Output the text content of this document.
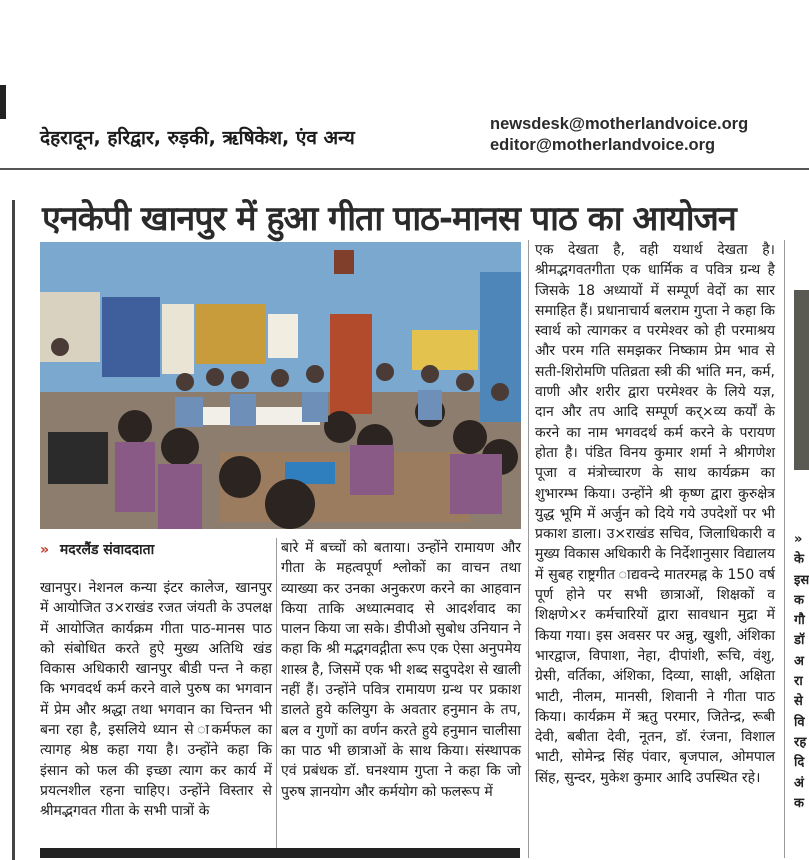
देहरादून, हरिद्वार, रुड़की, ऋषिकेश, एंव अन्य
newsdesk@motherlandvoice.org
editor@motherlandvoice.org
एनकेपी खानपुर में हुआ गीता पाठ-मानस पाठ का आयोजन
» मदरलैंड संवाददाता

खानपुर। नेशनल कन्या इंटर कालेज, खानपुर में आयोजित उ×राखंड रजत जंयती के उपलक्ष में आयोजित कार्यक्रम गीता पाठ-मानस पाठ को संबोधित करते हुऐ मुख्य अतिथि खंड विकास अधिकारी खानपुर बीडी पन्त ने कहा कि भगवदर्थ कर्म करने वाले पुरुष का भगवान में प्रेम और श्रद्धा तथा भगवान का चिन्तन भी बना रहा है, इसलिये ध्यान से ाकर्मफल का त्यागह श्रेष्ठ कहा गया है। उन्होंने कहा कि इंसान को फल की इच्छा त्याग कर कार्य में प्रयत्नशील रहना चाहिए। उन्होंने विस्तार से श्रीमद्भगवत गीता के सभी पात्रों के

बारे में बच्चों को बताया। उन्होंने रामायण और गीता के महत्वपूर्ण श्लोकों का वाचन तथा व्याख्या कर उनका अनुकरण करने का आहवान किया ताकि अध्यात्मवाद से आदर्शवाद का पालन किया जा सके। डीपीओ सुबोध उनियान ने कहा कि श्री मद्भगवद्गीता रूप एक ऐसा अनुपमेय शास्त्र है, जिसमें एक भी शब्द सदुपदेश से खाली नहीं हैं। उन्होंने पवित्र रामायण ग्रन्थ पर प्रकाश डालते हुये कलियुग के अवतार हनुमान के तप, बल व गुणों का वर्णन करते हुये हनुमान चालीसा का पाठ भी छात्राओं के साथ किया। संस्थापक एवं प्रबंधक डॉ. घनश्याम गुप्ता ने कहा कि जो पुरुष ज्ञानयोग और कर्मयोग को फलरूप में

एक देखता है, वही यथार्थ देखता है। श्रीमद्भगवतगीता एक धार्मिक व पवित्र ग्रन्थ है जिसके 18 अध्यायों में सम्पूर्ण वेदों का सार समाहित हैं। प्रधानाचार्य बलराम गुप्ता ने कहा कि स्वार्थ को त्यागकर व परमेश्वर को ही परमाश्रय और परम गति समझकर निष्काम प्रेम भाव से सती-शिरोमणि पतिव्रता स्त्री की भांति मन, कर्म, वाणी और शरीर द्वारा परमेश्वर के लिये यज्ञ, दान और तप आदि सम्पूर्ण कर्×व्य कर्यों के करने का नाम भगवदर्थ कर्म करने के परायण होता है। पंडित विनय कुमार शर्मा ने श्रीगणेश पूजा व मंत्रोच्चारण के साथ कार्यक्रम का शुभारम्भ किया। उन्होंने श्री कृष्ण द्वारा कुरुक्षेत्र युद्ध भूमि में अर्जुन को दिये गये उपदेशों पर भी प्रकाश डाला। उ×राखंड सचिव, जिलाधिकारी व मुख्य विकास अधिकारी के निर्देशानुसार विद्यालय में सुबह राष्ट्रगीत ाद्यवन्दे मातरमह्न के 150 वर्ष पूर्ण होने पर सभी छात्राओं, शिक्षकों व शिक्षणे×र कर्मचारियों द्वारा सावधान मुद्रा में किया गया। इस अवसर पर अन्नु, खुशी, अंशिका भारद्वाज, विपाशा, नेहा, दीपांशी, रूचि, वंशु, ग्रेसी, वर्तिका, अंशिका, दिव्या, साक्षी, अक्षिता भाटी, नीलम, मानसी, शिवानी ने गीता पाठ किया। कार्यक्रम में ऋतु परमार, जितेन्द्र, रूबी देवी, बबीता देवी, नूतन, डॉ. रंजना, विशाल भाटी, सोमेन्द्र सिंह पंवार, बृजपाल, ओमपाल सिंह, सुन्दर, मुकेश कुमार आदि उपस्थित रहे।

»
के
इस
क
गौ
डॉ
अ
रा
से
वि
रह
दि
अं
क
